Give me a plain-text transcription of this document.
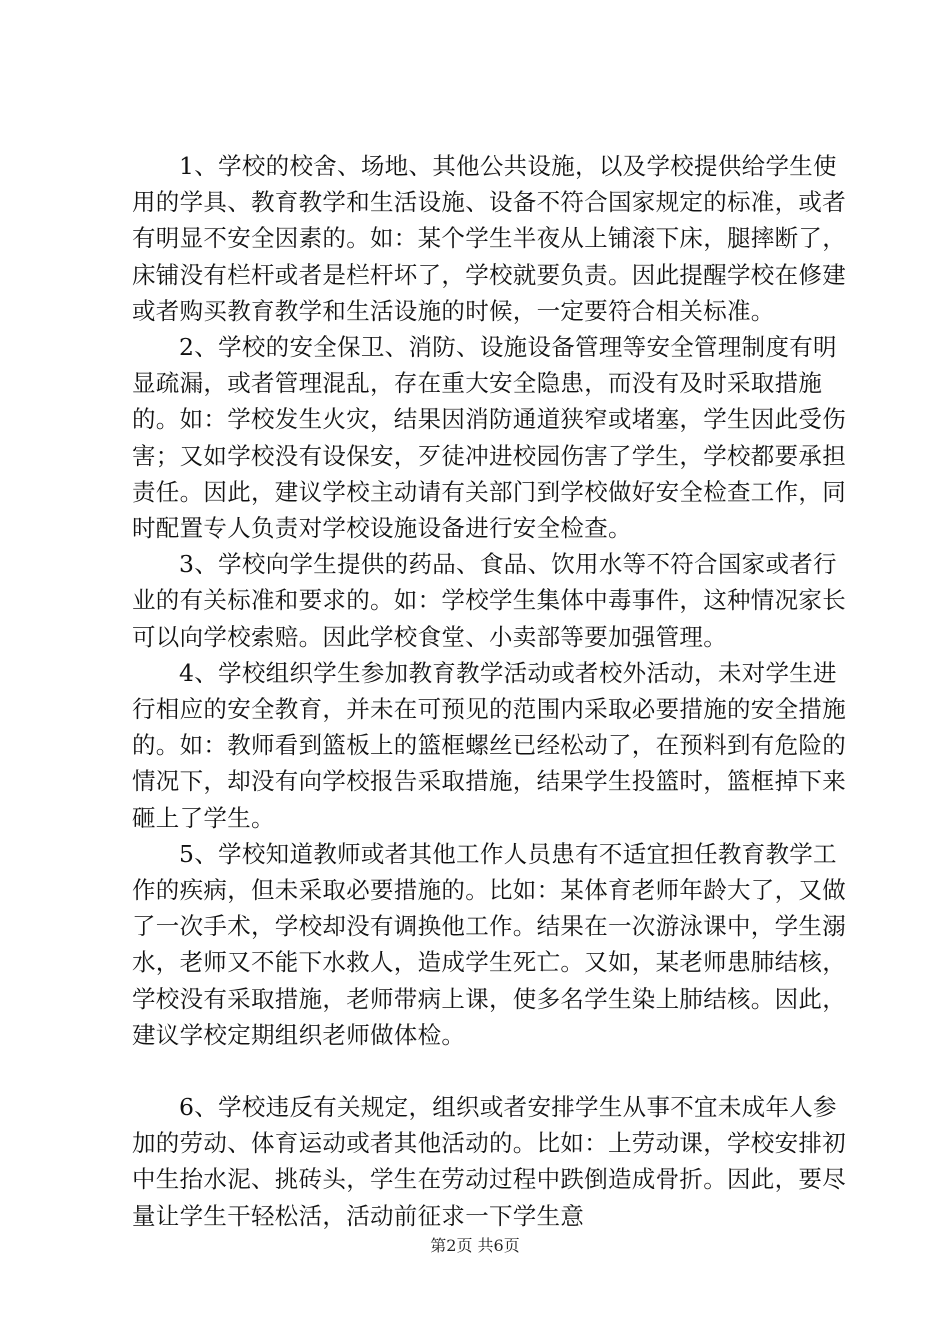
1、学校的校舍、场地、其他公共设施，以及学校提供给学生使用的学具、教育教学和生活设施、设备不符合国家规定的标准，或者有明显不安全因素的。如：某个学生半夜从上铺滚下床，腿摔断了，床铺没有栏杆或者是栏杆坏了，学校就要负责。因此提醒学校在修建或者购买教育教学和生活设施的时候，一定要符合相关标准。

2、学校的安全保卫、消防、设施设备管理等安全管理制度有明显疏漏，或者管理混乱，存在重大安全隐患，而没有及时采取措施的。如：学校发生火灾，结果因消防通道狭窄或堵塞，学生因此受伤害；又如学校没有设保安，歹徒冲进校园伤害了学生，学校都要承担责任。因此，建议学校主动请有关部门到学校做好安全检查工作，同时配置专人负责对学校设施设备进行安全检查。

3、学校向学生提供的药品、食品、饮用水等不符合国家或者行业的有关标准和要求的。如：学校学生集体中毒事件，这种情况家长可以向学校索赔。因此学校食堂、小卖部等要加强管理。

4、学校组织学生参加教育教学活动或者校外活动，未对学生进行相应的安全教育，并未在可预见的范围内采取必要措施的安全措施的。如：教师看到篮板上的篮框螺丝已经松动了，在预料到有危险的情况下，却没有向学校报告采取措施，结果学生投篮时，篮框掉下来砸上了学生。

5、学校知道教师或者其他工作人员患有不适宜担任教育教学工作的疾病，但未采取必要措施的。比如：某体育老师年龄大了，又做了一次手术，学校却没有调换他工作。结果在一次游泳课中，学生溺水，老师又不能下水救人，造成学生死亡。又如，某老师患肺结核，学校没有采取措施，老师带病上课，使多名学生染上肺结核。因此，建议学校定期组织老师做体检。

6、学校违反有关规定，组织或者安排学生从事不宜未成年人参加的劳动、体育运动或者其他活动的。比如：上劳动课，学校安排初中生抬水泥、挑砖头，学生在劳动过程中跌倒造成骨折。因此，要尽量让学生干轻松活，活动前征求一下学生意

第2页 共6页
